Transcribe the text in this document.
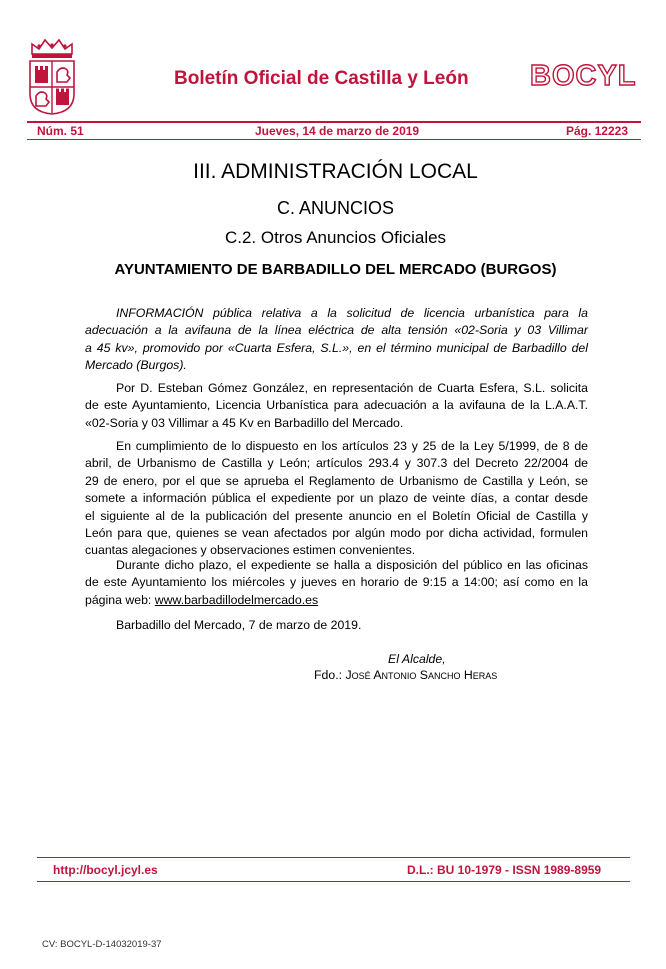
Boletín Oficial de Castilla y León BOCYL
Núm. 51	Jueves, 14 de marzo de 2019	Pág. 12223
III. ADMINISTRACIÓN LOCAL
C. ANUNCIOS
C.2. Otros Anuncios Oficiales
AYUNTAMIENTO DE BARBADILLO DEL MERCADO (BURGOS)
INFORMACIÓN pública relativa a la solicitud de licencia urbanística para la
adecuación a la avifauna de la línea eléctrica de alta tensión «02-Soria y 03 Villimar
a 45 kv», promovido por «Cuarta Esfera, S.L.», en el término municipal de Barbadillo del
Mercado (Burgos).
Por D. Esteban Gómez González, en representación de Cuarta Esfera, S.L. solicita
de este Ayuntamiento, Licencia Urbanística para adecuación a la avifauna de la L.A.A.T.
«02-Soria y 03 Villimar a 45 Kv en Barbadillo del Mercado.
En cumplimiento de lo dispuesto en los artículos 23 y 25 de la Ley 5/1999, de 8 de
abril, de Urbanismo de Castilla y León; artículos 293.4 y 307.3 del Decreto 22/2004 de
29 de enero, por el que se aprueba el Reglamento de Urbanismo de Castilla y León, se
somete a información pública el expediente por un plazo de veinte días, a contar desde
el siguiente al de la publicación del presente anuncio en el Boletín Oficial de Castilla y
León para que, quienes se vean afectados por algún modo por dicha actividad, formulen
cuantas alegaciones y observaciones estimen convenientes.
Durante dicho plazo, el expediente se halla a disposición del público en las oficinas
de este Ayuntamiento los miércoles y jueves en horario de 9:15 a 14:00; así como en la
página web: www.barbadillodelmercado.es
Barbadillo del Mercado, 7 de marzo de 2019.
El Alcalde,
Fdo.: José Antonio Sancho Heras
http://bocyl.jcyl.es	D.L.: BU 10-1979 - ISSN 1989-8959
CV: BOCYL-D-14032019-37
